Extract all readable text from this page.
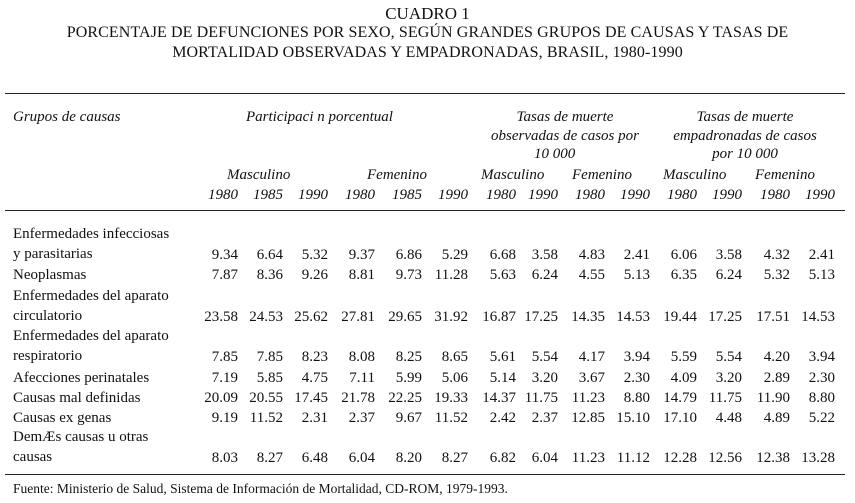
CUADRO 1
PORCENTAJE DE DEFUNCIONES POR SEXO, SEGÚN GRANDES GRUPOS DE CAUSAS Y TASAS DE
MORTALIDAD OBSERVADAS Y EMPADRONADAS, BRASIL, 1980-1990
Grupos de causas	Participaci n porcentual	Tasas de muerte
observadas de casos por
10 000
Tasas de muerte
empadronadas de casos
por 10 000
Masculino	Femenino	Masculino Femenino Masculino Femenino
1980	1985	1990	1980	1985	1990	1980 1990	1980	1990	1980	1990	1980	1990
Enfermedades infecciosas
y parasitarias	9.34	6.64	5.32	9.37	6.86	5.29	6.68	3.58	4.83	2.41	6.06	3.58	4.32	2.41
Neoplasmas	7.87	8.36	9.26	8.81	9.73 11.28	5.63	6.24	4.55	5.13	6.35	6.24	5.32	5.13
Enfermedades del aparato
circulatorio	23.58 24.53 25.62 27.81 29.65 31.92 16.87 17.25 14.35 14.53 19.44 17.25 17.51 14.53
Enfermedades del aparato
respiratorio	7.85	7.85	8.23	8.08	8.25	8.65	5.61	5.54	4.17	3.94	5.59	5.54	4.20	3.94
Afecciones perinatales	7.19	5.85	4.75	7.11	5.99	5.06	5.14	3.20	3.67	2.30	4.09	3.20	2.89	2.30
Causas mal definidas	20.09 20.55 17.45 21.78 22.25 19.33 14.37 11.75 11.23	8.80 14.79 11.75 11.90	8.80
Causas ex genas	9.19 11.52	2.31	2.37	9.67 11.52	2.42	2.37 12.85 15.10 17.10	4.48	4.89	5.22
DemÆs causas u otras
causas	8.03	8.27	6.48	6.04	8.20	8.27	6.82	6.04 11.23 11.12 12.28 12.56 12.38 13.28
Fuente: Ministerio de Salud, Sistema de Información de Mortalidad, CD-ROM, 1979-1993.
